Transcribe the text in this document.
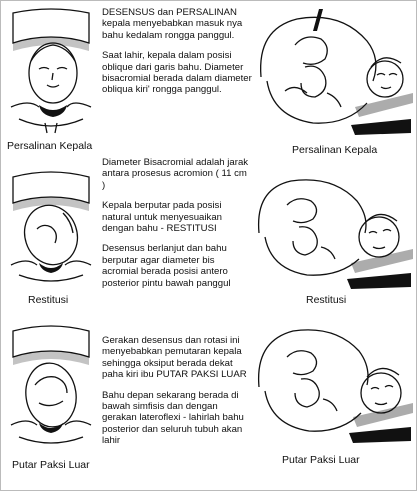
Persalinan Kepala

DESENSUS dan PERSALINAN kepala menyebabkan masuk nya bahu kedalam rongga panggul.

Saat lahir, kepala dalam posisi oblique dari garis bahu. Diameter bisacromial berada dalam diameter obliqua kiri' rongga panggul.

Persalinan Kepala
Restitusi

Diameter Bisacromial adalah jarak antara prosesus acromion ( 11 cm )

Kepala berputar pada posisi natural untuk menyesuaikan dengan bahu - RESTITUSI

Desensus berlanjut dan bahu berputar agar diameter bis acromial berada posisi antero posterior pintu bawah panggul

Restitusi
Putar Paksi Luar

Gerakan desensus dan rotasi ini menyebabkan pemutaran kepala sehingga oksiput berada dekat paha kiri ibu PUTAR PAKSI LUAR

Bahu depan sekarang berada di bawah simfisis dan dengan gerakan lateroflexi - lahirlah bahu posterior dan seluruh tubuh akan lahir

Putar Paksi Luar
